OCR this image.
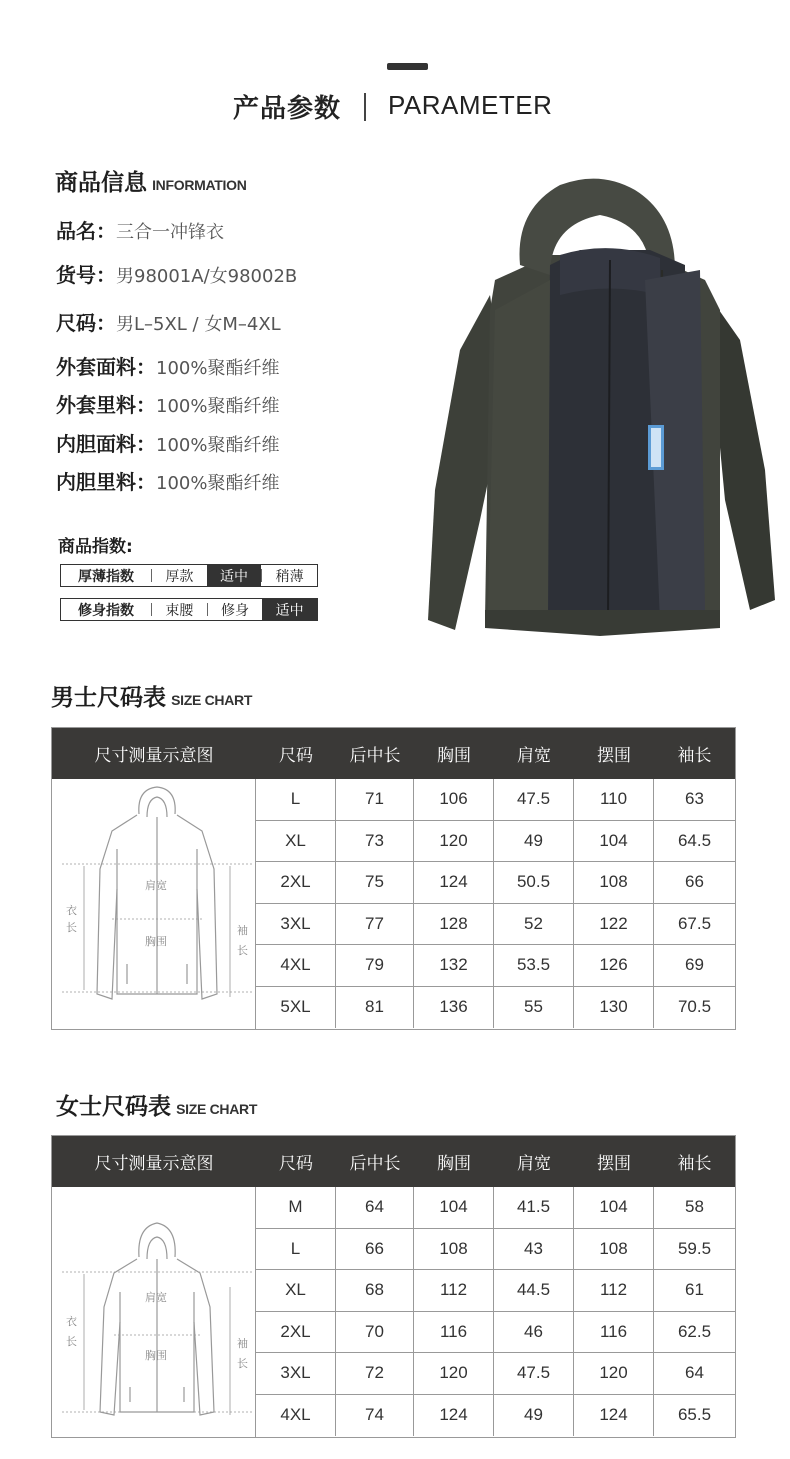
产品参数 PARAMETER
商品信息 INFORMATION
品名：三合一冲锋衣
货号：男98001A/女98002B
尺码：男L–5XL / 女M–4XL
外套面料：100%聚酯纤维
外套里料：100%聚酯纤维
内胆面料：100%聚酯纤维
内胆里料：100%聚酯纤维
商品指数:
厚薄指数	厚款	适中	稍薄
修身指数	束腰	修身	适中
男士尺码表 SIZE CHART
尺寸测量示意图	尺码	后中长	胸围	肩宽	摆围	袖长
衣
长
肩宽
胸围
袖
长
L	71	106	47.5	110	63
XL	73	120	49	104	64.5
2XL	75	124	50.5	108	66
3XL	77	128	52	122	67.5
4XL	79	132	53.5	126	69
5XL	81	136	55	130	70.5
女士尺码表 SIZE CHART
尺寸测量示意图	尺码	后中长	胸围	肩宽	摆围	袖长
衣
长
肩宽
胸围
袖
长
M	64	104	41.5	104	58
L	66	108	43	108	59.5
XL	68	112	44.5	112	61
2XL	70	116	46	116	62.5
3XL	72	120	47.5	120	64
4XL	74	124	49	124	65.5
